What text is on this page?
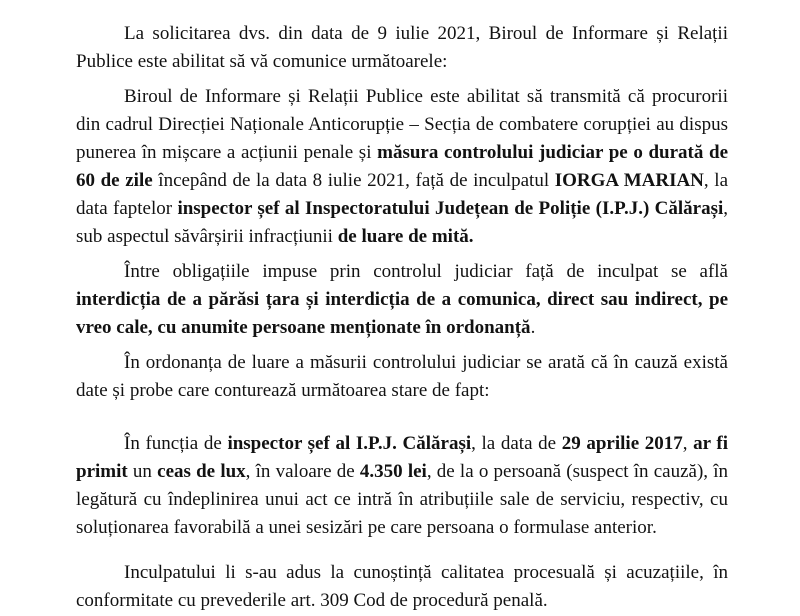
La solicitarea dvs. din data de 9 iulie 2021, Biroul de Informare și Relații Publice este abilitat să vă comunice următoarele:

Biroul de Informare și Relații Publice este abilitat să transmită că procurorii din cadrul Direcției Naționale Anticorupție – Secția de combatere corupției au dispus punerea în mișcare a acțiunii penale și măsura controlului judiciar pe o durată de 60 de zile începând de la data 8 iulie 2021, față de inculpatul IORGA MARIAN, la data faptelor inspector șef al Inspectoratului Județean de Poliție (I.P.J.) Călărași, sub aspectul săvârșirii infracțiunii de luare de mită.

Între obligațiile impuse prin controlul judiciar față de inculpat se află interdicția de a părăsi țara și interdicția de a comunica, direct sau indirect, pe vreo cale, cu anumite persoane menționate în ordonanță.

În ordonanța de luare a măsurii controlului judiciar se arată că în cauză există date și probe care conturează următoarea stare de fapt:

În funcția de inspector șef al I.P.J. Călărași, la data de 29 aprilie 2017, ar fi primit un ceas de lux, în valoare de 4.350 lei, de la o persoană (suspect în cauză), în legătură cu îndeplinirea unui act ce intră în atribuțiile sale de serviciu, respectiv, cu soluționarea favorabilă a unei sesizări pe care persoana o formulase anterior.

Inculpatului li s-au adus la cunoștință calitatea procesuală și acuzațiile, în conformitate cu prevederile art. 309 Cod de procedură penală.
